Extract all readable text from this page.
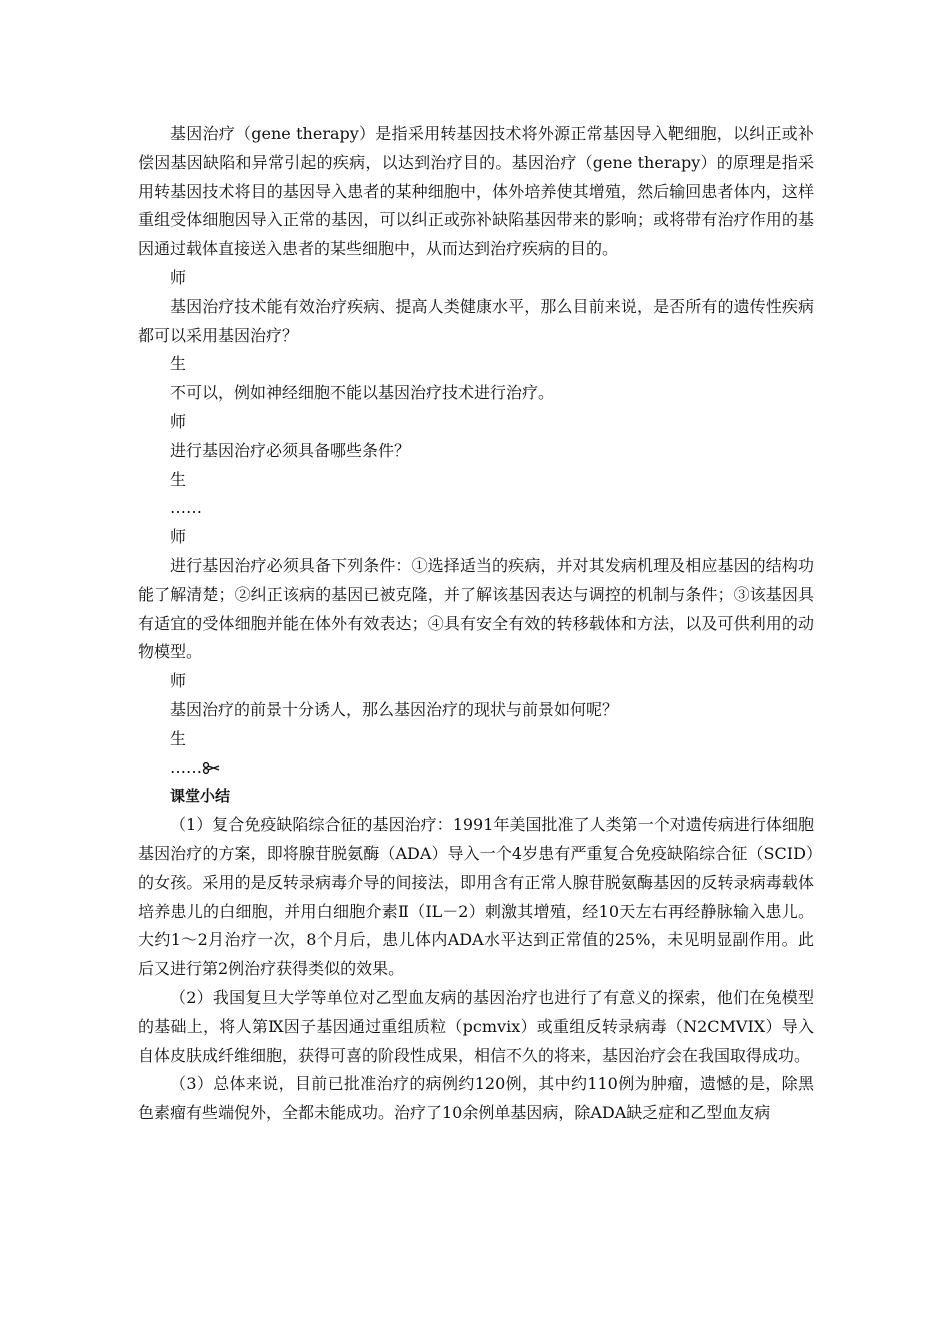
基因治疗（gene therapy）是指采用转基因技术将外源正常基因导入靶细胞，以纠正或补偿因基因缺陷和异常引起的疾病，以达到治疗目的。基因治疗（gene therapy）的原理是指采用转基因技术将目的基因导入患者的某种细胞中，体外培养使其增殖，然后输回患者体内，这样重组受体细胞因导入正常的基因，可以纠正或弥补缺陷基因带来的影响；或将带有治疗作用的基因通过载体直接送入患者的某些细胞中，从而达到治疗疾病的目的。

师

基因治疗技术能有效治疗疾病、提高人类健康水平，那么目前来说，是否所有的遗传性疾病都可以采用基因治疗？

生

不可以，例如神经细胞不能以基因治疗技术进行治疗。

师

进行基因治疗必须具备哪些条件？

生

……

师

进行基因治疗必须具备下列条件：①选择适当的疾病，并对其发病机理及相应基因的结构功能了解清楚；②纠正该病的基因已被克隆，并了解该基因表达与调控的机制与条件；③该基因具有适宜的受体细胞并能在体外有效表达；④具有安全有效的转移载体和方法，以及可供利用的动物模型。

师

基因治疗的前景十分诱人，那么基因治疗的现状与前景如何呢？

生

……

课堂小结

（1）复合免疫缺陷综合征的基因治疗：1991年美国批准了人类第一个对遗传病进行体细胞基因治疗的方案，即将腺苷脱氨酶（ADA）导入一个4岁患有严重复合免疫缺陷综合征（SCID）的女孩。采用的是反转录病毒介导的间接法，即用含有正常人腺苷脱氨酶基因的反转录病毒载体培养患儿的白细胞，并用白细胞介素Ⅱ（IL－2）刺激其增殖，经10天左右再经静脉输入患儿。大约1～2月治疗一次，8个月后，患儿体内ADA水平达到正常值的25%，未见明显副作用。此后又进行第2例治疗获得类似的效果。

（2）我国复旦大学等单位对乙型血友病的基因治疗也进行了有意义的探索，他们在兔模型的基础上，将人第Ⅸ因子基因通过重组质粒（pcmvix）或重组反转录病毒（N2CMVIX）导入自体皮肤成纤维细胞，获得可喜的阶段性成果，相信不久的将来，基因治疗会在我国取得成功。

（3）总体来说，目前已批准治疗的病例约120例，其中约110例为肿瘤，遗憾的是，除黑色素瘤有些端倪外，全都未能成功。治疗了10余例单基因病，除ADA缺乏症和乙型血友病
